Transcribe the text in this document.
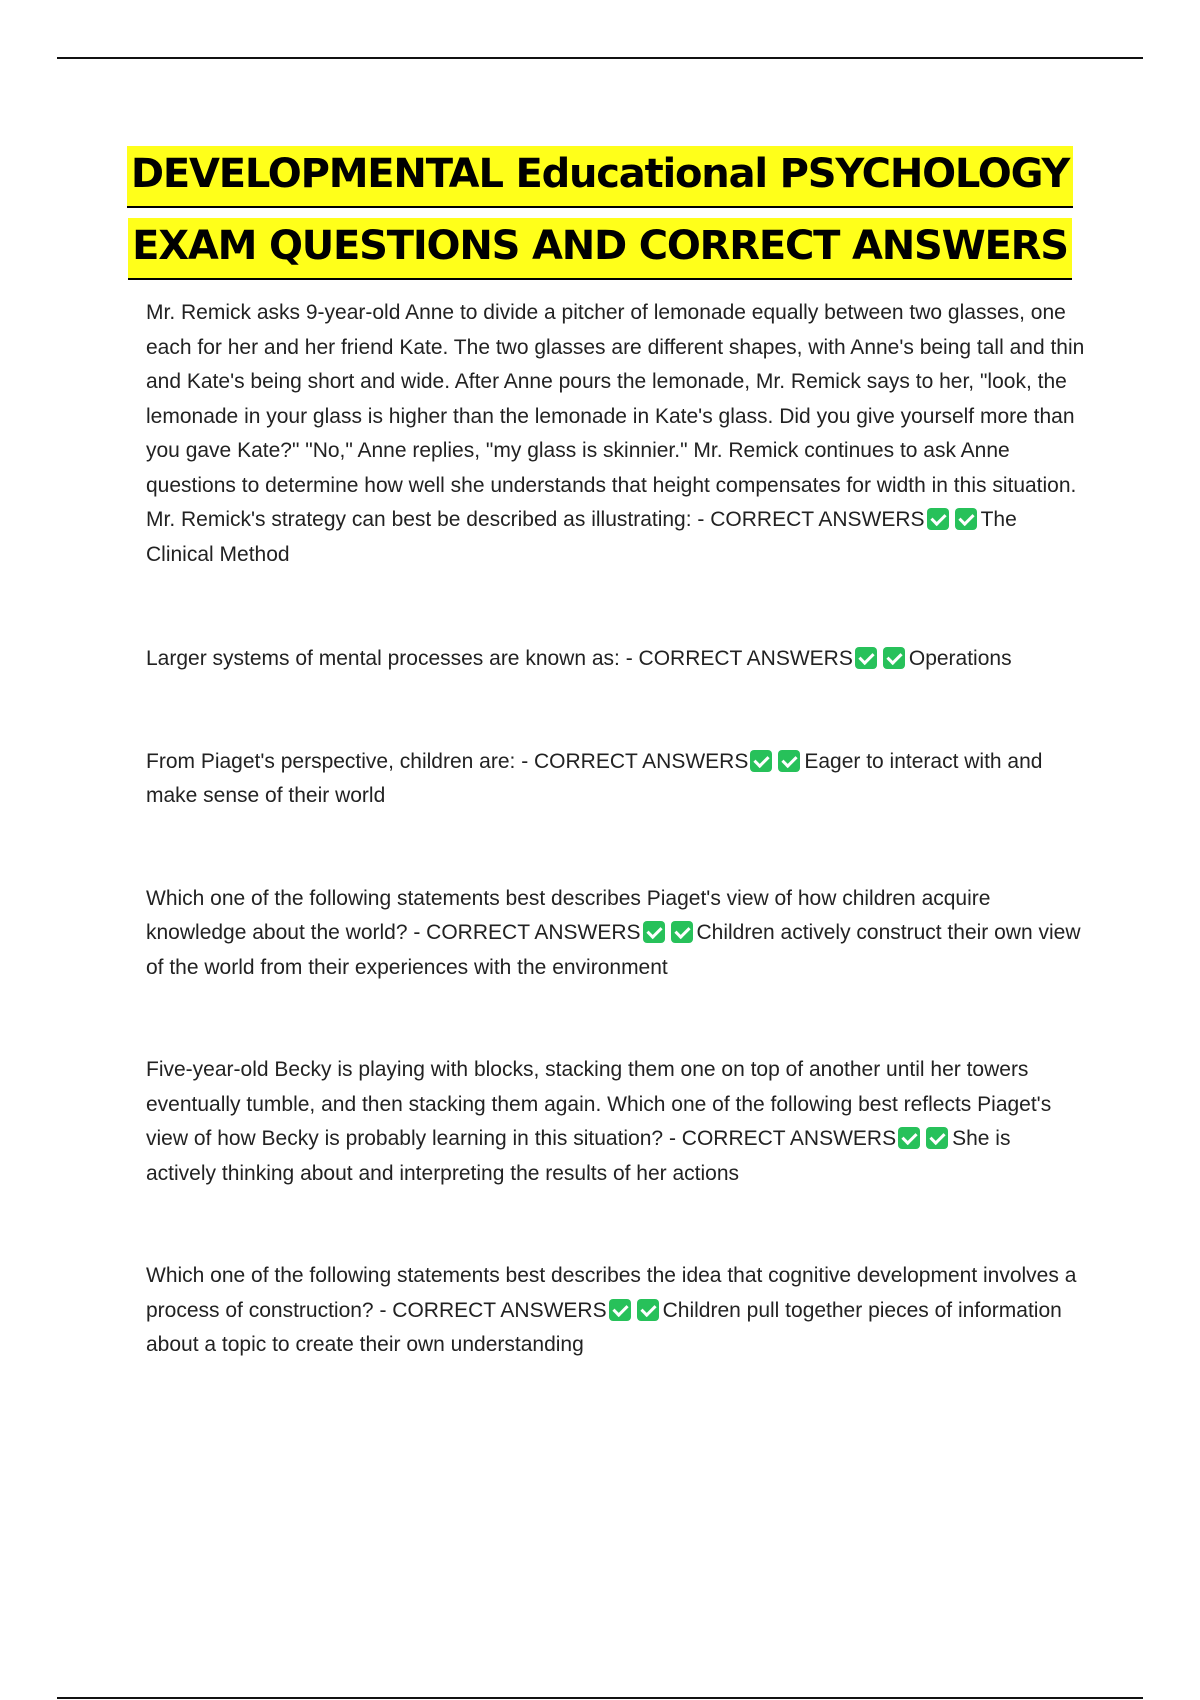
DEVELOPMENTAL Educational PSYCHOLOGY
EXAM QUESTIONS AND CORRECT ANSWERS

Mr. Remick asks 9-year-old Anne to divide a pitcher of lemonade equally between two glasses, one each for her and her friend Kate. The two glasses are different shapes, with Anne's being tall and thin and Kate's being short and wide. After Anne pours the lemonade, Mr. Remick says to her, "look, the lemonade in your glass is higher than the lemonade in Kate's glass. Did you give yourself more than you gave Kate?" "No," Anne replies, "my glass is skinnier." Mr. Remick continues to ask Anne questions to determine how well she understands that height compensates for width in this situation. Mr. Remick's strategy can best be described as illustrating: - CORRECT ANSWERS	The Clinical Method

Larger systems of mental processes are known as: - CORRECT ANSWERS	Operations

From Piaget's perspective, children are: - CORRECT ANSWERS	Eager to interact with and make sense of their world

Which one of the following statements best describes Piaget's view of how children acquire knowledge about the world? - CORRECT ANSWERS	Children actively construct their own view of the world from their experiences with the environment

Five-year-old Becky is playing with blocks, stacking them one on top of another until her towers eventually tumble, and then stacking them again. Which one of the following best reflects Piaget's view of how Becky is probably learning in this situation? - CORRECT ANSWERS	She is actively thinking about and interpreting the results of her actions

Which one of the following statements best describes the idea that cognitive development involves a process of construction? - CORRECT ANSWERS	Children pull together pieces of information about a topic to create their own understanding
